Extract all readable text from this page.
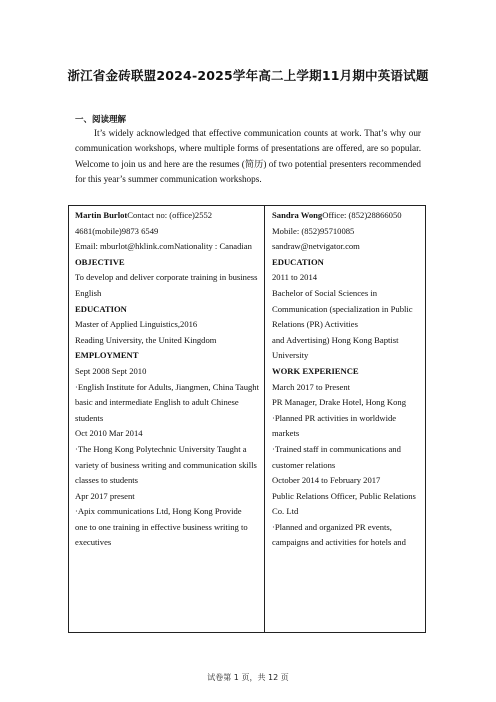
浙江省金砖联盟2024-2025学年高二上学期11月期中英语试题
一、阅读理解
It’s widely acknowledged that effective communication counts at work. That’s why our communication workshops, where multiple forms of presentations are offered, are so popular. Welcome to join us and here are the resumes (简历) of two potential presenters recommended for this year’s summer communication workshops.
Martin BurlotContact no: (office)2552
4681(mobile)9873 6549
Email: mburlot@hklink.comNationality : Canadian
OBJECTIVE
To develop and deliver corporate training in business
English
EDUCATION
Master of Applied Linguistics,2016
Reading University, the United Kingdom
EMPLOYMENT
Sept 2008 Sept 2010
·English Institute for Adults, Jiangmen, China Taught
basic and intermediate English to adult Chinese
students
Oct 2010 Mar 2014
·The Hong Kong Polytechnic University Taught a
variety of business writing and communication skills
classes to students
Apr 2017 present
·Apix communications Ltd, Hong Kong Provide
one to one training in effective business writing to
executives
Sandra WongOffice: (852)28866050
Mobile: (852)95710085
sandraw@netvigator.com
EDUCATION
2011 to 2014
Bachelor of Social Sciences in
Communication (specialization in Public
Relations (PR) Activities
and Advertising) Hong Kong Baptist
University
WORK EXPERIENCE
March 2017 to Present
PR Manager, Drake Hotel, Hong Kong
·Planned PR activities in worldwide
markets
·Trained staff in communications and
customer relations
October 2014 to February 2017
Public Relations Officer, Public Relations
Co. Ltd
·Planned and organized PR events,
campaigns and activities for hotels and
试卷第 1 页，共 12 页
